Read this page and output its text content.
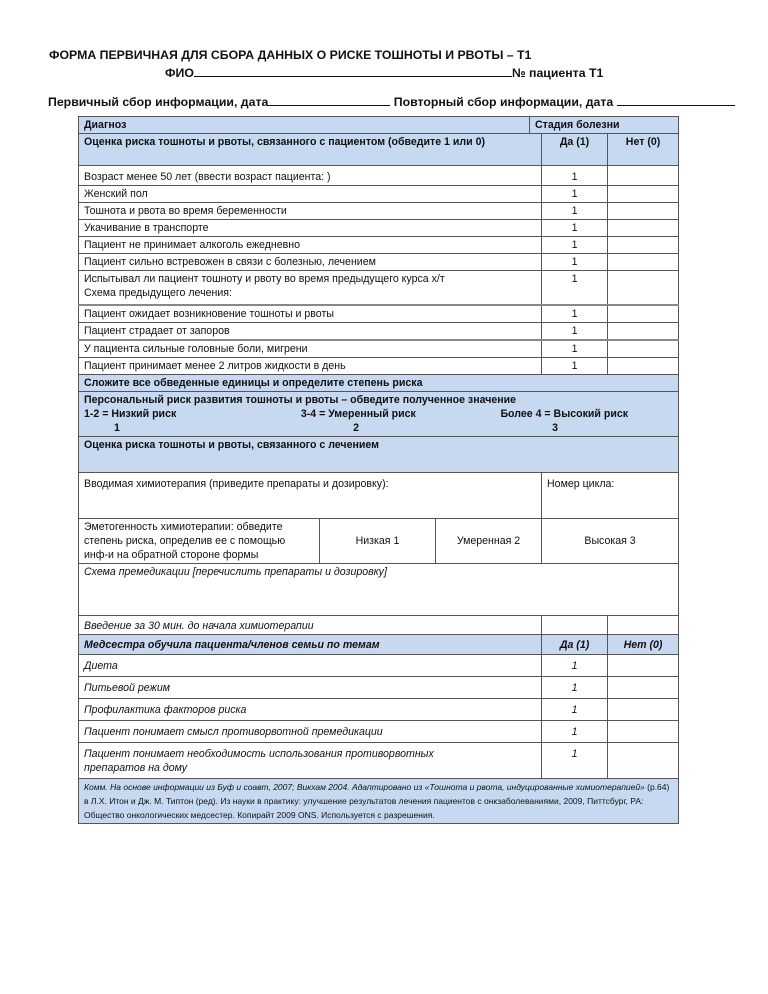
ФОРМА ПЕРВИЧНАЯ ДЛЯ СБОРА ДАННЫХ О РИСКЕ ТОШНОТЫ И РВОТЫ – Т1
ФИО	№ пациента Т1
Первичный сбор информации, дата	Повторный сбор информации, дата
Диагноз			Стадия болезни		
Оценка риска тошноты и рвоты, связанного с пациентом (обведите 1 или 0)				Да (1)	Нет (0)

Возраст менее 50 лет (ввести возраст пациента: )				1	

Женский пол				1	

Тошнота и рвота во время беременности				1	

Укачивание в транспорте				1	

Пациент не принимает алкоголь ежедневно				1	

Пациент сильно встревожен в связи с болезнью, лечением				1	

Испытывал ли пациент тошноту и рвоту во время предыдущего курса х/т
Схема предыдущего лечения:				1	

Пациент ожидает возникновение тошноты и рвоты				1	

Пациент страдает от запоров				1	

У пациента сильные головные боли, мигрени				1	

Пациент принимает менее 2 литров жидкости в день				1	
Сложите все обведенные единицы и определите степень риска					

Персональный риск развития тошноты и рвоты – обведите полученное значение
1-2 = Низкий риск	3-4 = Умеренный риск	Более 4 = Высокий риск
1	2	3

Оценка риска тошноты и рвоты, связанного с лечением					
Вводимая химиотерапия (приведите препараты и дозировку):				Номер цикла:	

Эметогенность химиотерапии: обведите
степень риска, определив ее с помощью
инф-и на обратной стороне формы	Низкая 1	Умеренная 2		Высокая 3	
Схема премедикации [перечислить препараты и дозировку]					
Введение за 30 мин. до начала химиотерапии					
Медсестра обучила пациента/членов семьи по темам				Да (1)	Нет (0)

Диета				1	

Питьевой режим				1	

Профилактика факторов риска				1	

Пациент понимает смысл противорвотной премедикации				1	

Пациент понимает необходимость использования противорвотных
препаратов на дому				1	
Комм. На основе информации из Буф и соавт, 2007; Викхам 2004. Адаптировано из «Тошнота и рвота, индуцированные химиотерапией» (р.64) в Л.Х. Итон и Дж. М. Типтон (ред). Из науки в практику: улучшение результатов лечения пациентов с онкзаболеваниями, 2009, Питтсбург, РА: Общество онкологических медсестер. Копирайт 2009 ONS. Используется с разрешения.					
